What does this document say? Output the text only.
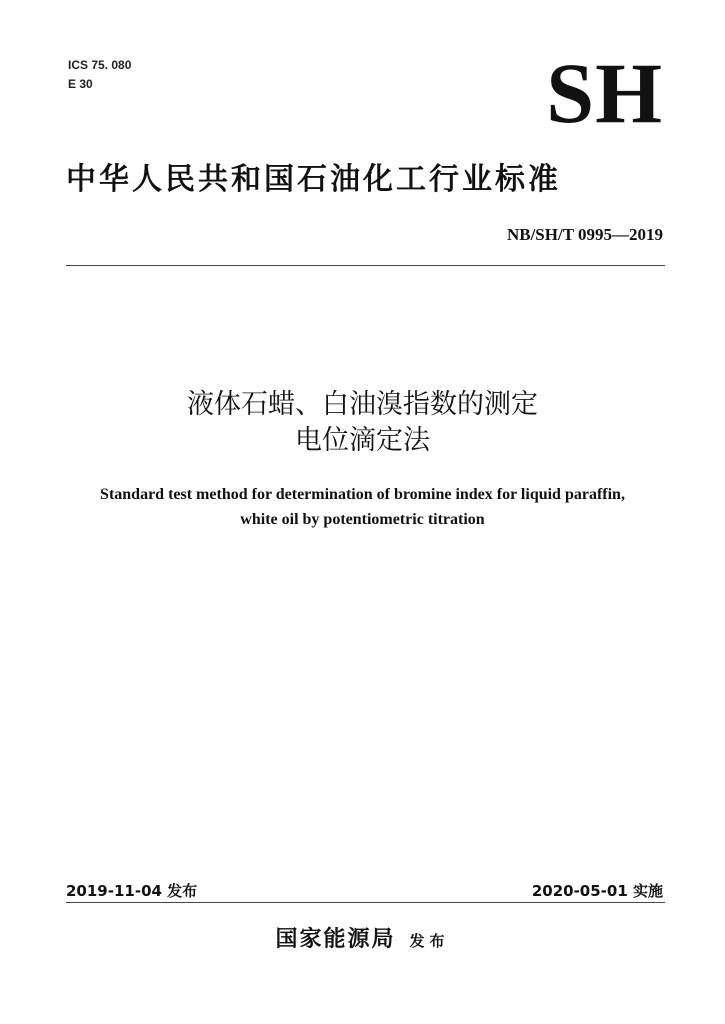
ICS 75. 080
E 30	SH
中华人民共和国石油化工行业标准
NB/SH/T 0995—2019
液体石蜡、白油溴指数的测定
电位滴定法
Standard test method for determination of bromine index for liquid paraffin,
white oil by potentiometric titration
2019-11-04 发布	2020-05-01 实施
国家能源局 发布
